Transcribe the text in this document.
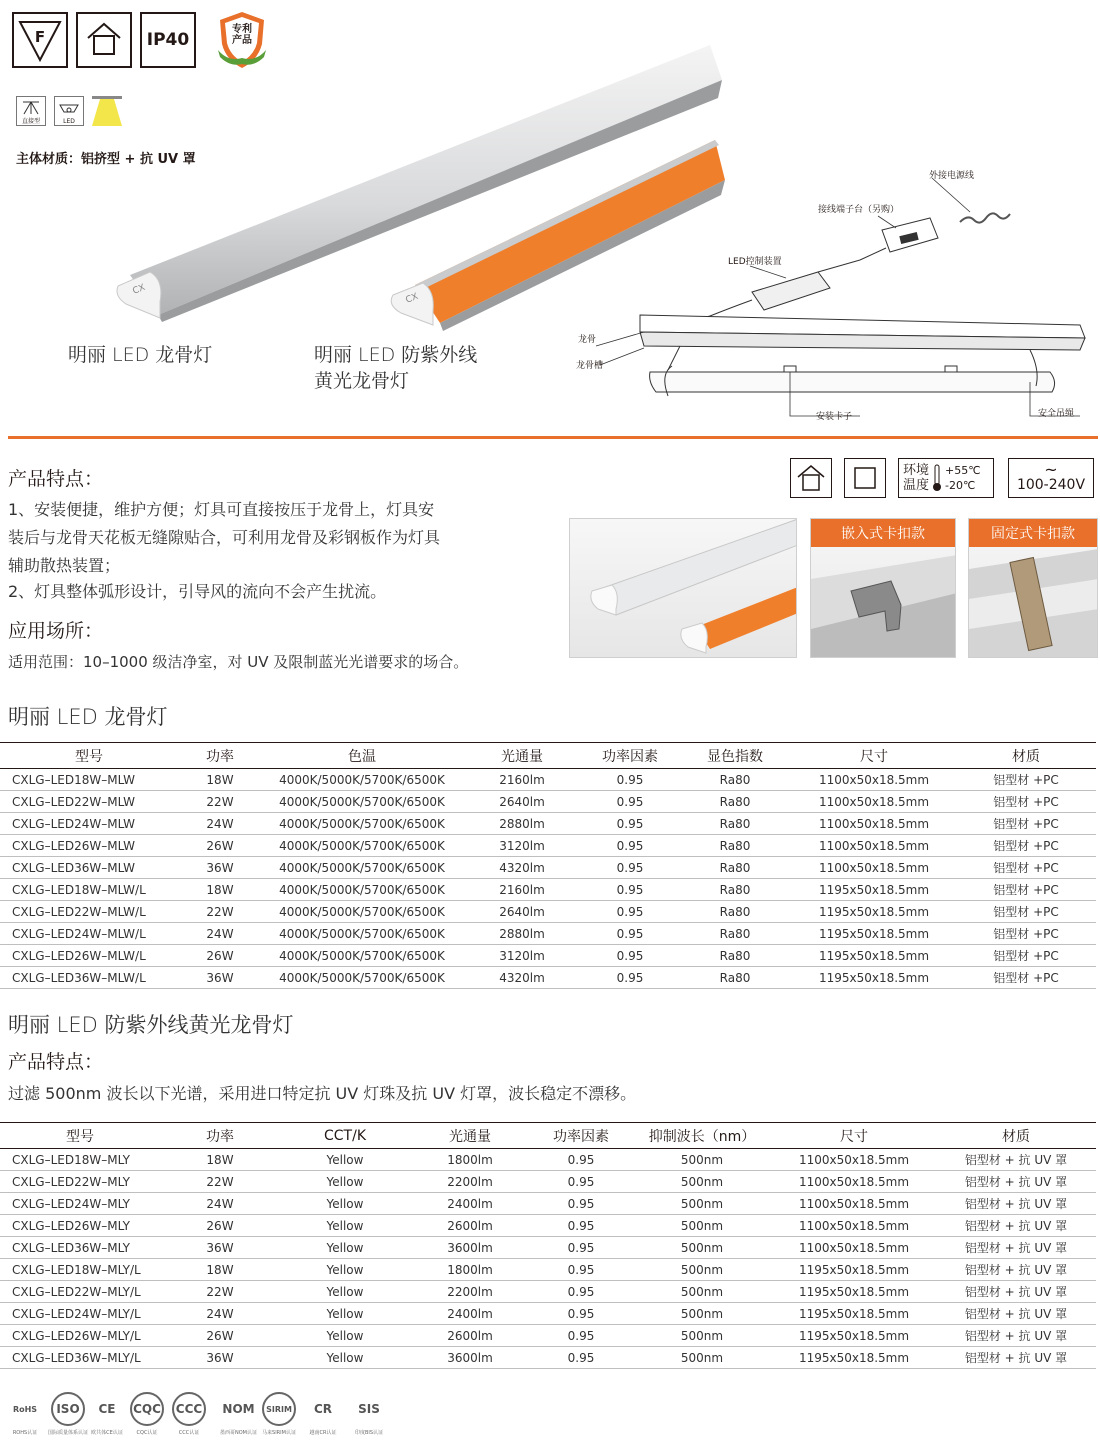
F	IP40
专利产品
直接型	LED
主体材质：铝挤型 + 抗 UV 罩
CX
CX
明丽 LED 龙骨灯	明丽 LED 防紫外线
黄光龙骨灯
外接电源线
接线端子台（另购）
LED控制装置
龙骨
龙骨槽
安装卡子	安全吊绳
产品特点：
1、安装便捷，维护方便；灯具可直接按压于龙骨上，灯具安
装后与龙骨天花板无缝隙贴合，可利用龙骨及彩钢板作为灯具
辅助散热装置；
2、灯具整体弧形设计，引导风的流向不会产生扰流。
应用场所：
适用范围：10–1000 级洁净室，对 UV 及限制蓝光光谱要求的场合。
环境
温度
+55℃
-20℃
~
100-240V
嵌入式卡扣款	固定式卡扣款
明丽 LED 龙骨灯
型号	功率	色温	光通量	功率因素	显色指数	尺寸	材质
CXLG–LED18W–MLW	18W	4000K/5000K/5700K/6500K	2160lm	0.95	Ra80	1100x50x18.5mm	铝型材 +PC
CXLG–LED22W–MLW	22W	4000K/5000K/5700K/6500K	2640lm	0.95	Ra80	1100x50x18.5mm	铝型材 +PC
CXLG–LED24W–MLW	24W	4000K/5000K/5700K/6500K	2880lm	0.95	Ra80	1100x50x18.5mm	铝型材 +PC
CXLG–LED26W–MLW	26W	4000K/5000K/5700K/6500K	3120lm	0.95	Ra80	1100x50x18.5mm	铝型材 +PC
CXLG–LED36W–MLW	36W	4000K/5000K/5700K/6500K	4320lm	0.95	Ra80	1100x50x18.5mm	铝型材 +PC
CXLG–LED18W–MLW/L	18W	4000K/5000K/5700K/6500K	2160lm	0.95	Ra80	1195x50x18.5mm	铝型材 +PC
CXLG–LED22W–MLW/L	22W	4000K/5000K/5700K/6500K	2640lm	0.95	Ra80	1195x50x18.5mm	铝型材 +PC
CXLG–LED24W–MLW/L	24W	4000K/5000K/5700K/6500K	2880lm	0.95	Ra80	1195x50x18.5mm	铝型材 +PC
CXLG–LED26W–MLW/L	26W	4000K/5000K/5700K/6500K	3120lm	0.95	Ra80	1195x50x18.5mm	铝型材 +PC
CXLG–LED36W–MLW/L	36W	4000K/5000K/5700K/6500K	4320lm	0.95	Ra80	1195x50x18.5mm	铝型材 +PC
明丽 LED 防紫外线黄光龙骨灯
产品特点：
过滤 500nm 波长以下光谱，采用进口特定抗 UV 灯珠及抗 UV 灯罩，波长稳定不漂移。
型号	功率	CCT/K	光通量	功率因素	抑制波长（nm）	尺寸	材质
CXLG–LED18W–MLY	18W	Yellow	1800lm	0.95	500nm	1100x50x18.5mm	铝型材 + 抗 UV 罩
CXLG–LED22W–MLY	22W	Yellow	2200lm	0.95	500nm	1100x50x18.5mm	铝型材 + 抗 UV 罩
CXLG–LED24W–MLY	24W	Yellow	2400lm	0.95	500nm	1100x50x18.5mm	铝型材 + 抗 UV 罩
CXLG–LED26W–MLY	26W	Yellow	2600lm	0.95	500nm	1100x50x18.5mm	铝型材 + 抗 UV 罩
CXLG–LED36W–MLY	36W	Yellow	3600lm	0.95	500nm	1100x50x18.5mm	铝型材 + 抗 UV 罩
CXLG–LED18W–MLY/L	18W	Yellow	1800lm	0.95	500nm	1195x50x18.5mm	铝型材 + 抗 UV 罩
CXLG–LED22W–MLY/L	22W	Yellow	2200lm	0.95	500nm	1195x50x18.5mm	铝型材 + 抗 UV 罩
CXLG–LED24W–MLY/L	24W	Yellow	2400lm	0.95	500nm	1195x50x18.5mm	铝型材 + 抗 UV 罩
CXLG–LED26W–MLY/L	26W	Yellow	2600lm	0.95	500nm	1195x50x18.5mm	铝型材 + 抗 UV 罩
CXLG–LED36W–MLY/L	36W	Yellow	3600lm	0.95	500nm	1195x50x18.5mm	铝型材 + 抗 UV 罩
RoHS
ROHS认证
ISO
国际质量体系认证
CE
欧共体CE认证
CQC
CQC认证
CCC
CCC认证
NOM
墨西哥NOM认证
SIRIM
马来SIRIM认证
CR
越南CR认证
SIS
印度BIS认证
